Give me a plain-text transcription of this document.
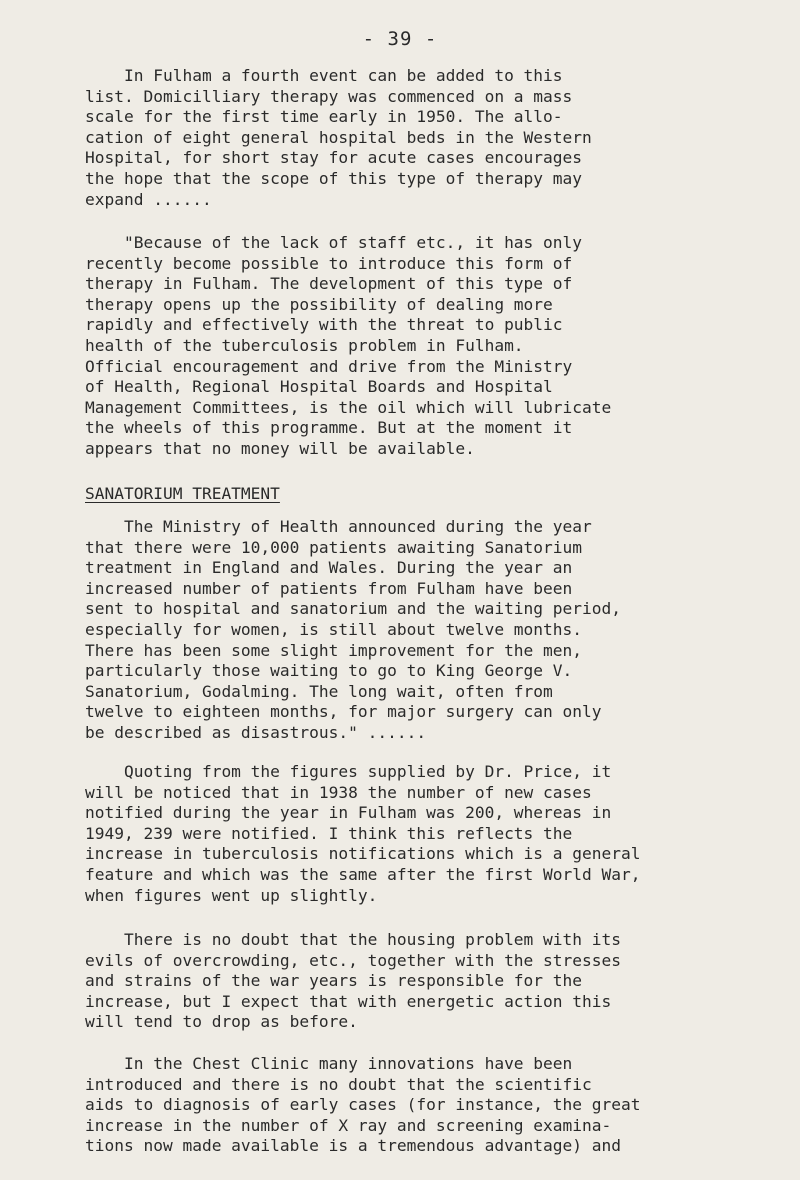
- 39 -

In Fulham a fourth event can be added to this
list. Domicilliary therapy was commenced on a mass
scale for the first time early in 1950. The allo-
cation of eight general hospital beds in the Western
Hospital, for short stay for acute cases encourages
the hope that the scope of this type of therapy may
expand ......

"Because of the lack of staff etc., it has only
recently become possible to introduce this form of
therapy in Fulham. The development of this type of
therapy opens up the possibility of dealing more
rapidly and effectively with the threat to public
health of the tuberculosis problem in Fulham.
Official encouragement and drive from the Ministry
of Health, Regional Hospital Boards and Hospital
Management Committees, is the oil which will lubricate
the wheels of this programme. But at the moment it
appears that no money will be available.

SANATORIUM TREATMENT

The Ministry of Health announced during the year
that there were 10,000 patients awaiting Sanatorium
treatment in England and Wales. During the year an
increased number of patients from Fulham have been
sent to hospital and sanatorium and the waiting period,
especially for women, is still about twelve months.
There has been some slight improvement for the men,
particularly those waiting to go to King George V.
Sanatorium, Godalming. The long wait, often from
twelve to eighteen months, for major surgery can only
be described as disastrous." ......

Quoting from the figures supplied by Dr. Price, it
will be noticed that in 1938 the number of new cases
notified during the year in Fulham was 200, whereas in
1949, 239 were notified. I think this reflects the
increase in tuberculosis notifications which is a general
feature and which was the same after the first World War,
when figures went up slightly.

There is no doubt that the housing problem with its
evils of overcrowding, etc., together with the stresses
and strains of the war years is responsible for the
increase, but I expect that with energetic action this
will tend to drop as before.

In the Chest Clinic many innovations have been
introduced and there is no doubt that the scientific
aids to diagnosis of early cases (for instance, the great
increase in the number of X ray and screening examina-
tions now made available is a tremendous advantage) and
